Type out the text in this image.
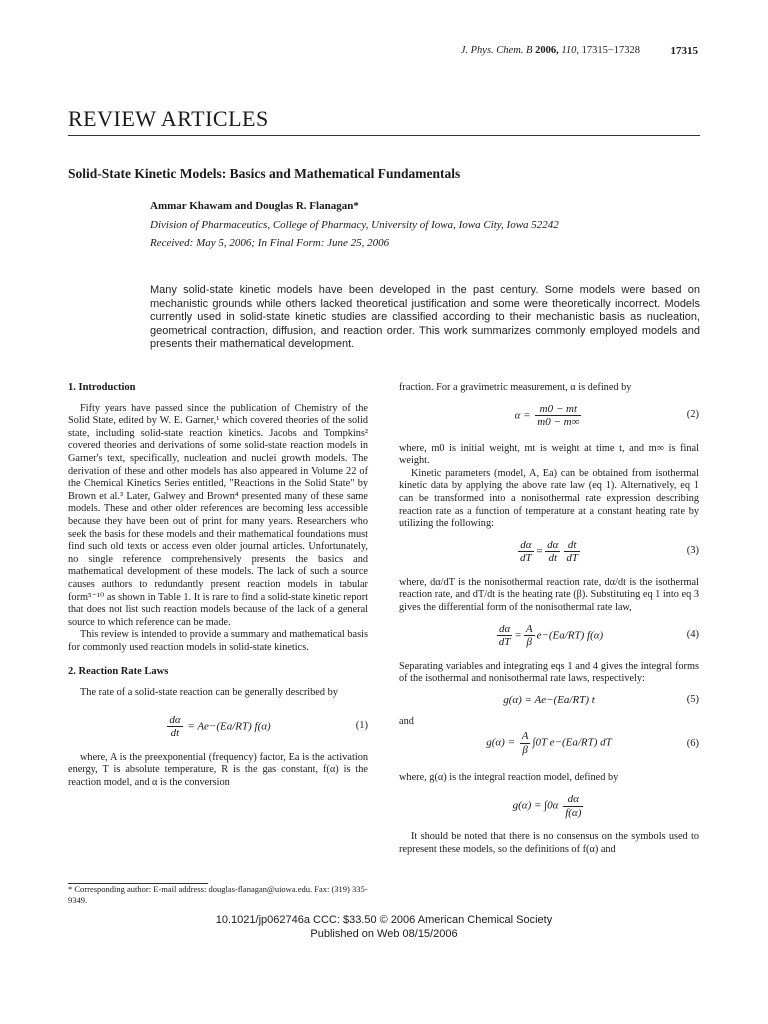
J. Phys. Chem. B 2006, 110, 17315−17328	17315
REVIEW ARTICLES
Solid-State Kinetic Models: Basics and Mathematical Fundamentals
Ammar Khawam and Douglas R. Flanagan*
Division of Pharmaceutics, College of Pharmacy, University of Iowa, Iowa City, Iowa 52242
Received: May 5, 2006; In Final Form: June 25, 2006
Many solid-state kinetic models have been developed in the past century. Some models were based on mechanistic grounds while others lacked theoretical justification and some were theoretically incorrect. Models currently used in solid-state kinetic studies are classified according to their mechanistic basis as nucleation, geometrical contraction, diffusion, and reaction order. This work summarizes commonly employed models and presents their mathematical development.

1. Introduction

Fifty years have passed since the publication of Chemistry of the Solid State, edited by W. E. Garner,¹ which covered theories of the solid state, including solid-state reaction kinetics. Jacobs and Tompkins² covered theories and derivations of some solid-state reaction models in Garner's text, specifically, nucleation and nuclei growth models. The derivation of these and other models has also appeared in Volume 22 of the Chemical Kinetics Series entitled, "Reactions in the Solid State" by Brown et al.³ Later, Galwey and Brown⁴ presented many of these same models. These and other older references are becoming less accessible because they have been out of print for many years. Researchers who seek the basis for these models and their mathematical foundations must find such old texts or access even older journal articles. Unfortunately, no single reference comprehensively presents the basics and mathematical development of these models. The lack of such a source causes authors to redundantly present reaction models in tabular form⁵⁻¹⁰ as shown in Table 1. It is rare to find a solid-state kinetic report that does not list such reaction models because of the lack of a general source to which reference can be made.

This review is intended to provide a summary and mathematical basis for commonly used reaction models in solid-state kinetics.

2. Reaction Rate Laws

The rate of a solid-state reaction can be generally described by

$\frac{d\alpha}{dt} = Ae-(Ea/RT)$ f(α)	(1)

where, A is the preexponential (frequency) factor, Ea is the activation energy, T is absolute temperature, R is the gas constant, f(α) is the reaction model, and α is the conversion

fraction. For a gravimetric measurement, α is defined by

$\alpha = \frac{m0 - mt}{m0 - m\infty}$	(2)

where, m0 is initial weight, mt is weight at time t, and m∞ is final weight.

Kinetic parameters (model, A, Ea) can be obtained from isothermal kinetic data by applying the above rate law (eq 1). Alternatively, eq 1 can be transformed into a nonisothermal rate expression describing reaction rate as a function of temperature at a constant heating rate by utilizing the following:

$\frac{d\alpha}{dT} = \frac{d\alpha}{dt} \frac{dt}{dT}$	(3)

where, dα/dT is the nonisothermal reaction rate, dα/dt is the isothermal reaction rate, and dT/dt is the heating rate (β). Substituting eq 1 into eq 3 gives the differential form of the nonisothermal rate law,

$\frac{d\alpha}{dT} = \frac{A}{\beta} e-(Ea/RT)$ f(α)	(4)

Separating variables and integrating eqs 1 and 4 gives the integral forms of the isothermal and nonisothermal rate laws, respectively:

g(α) = Ae−(Ea/RT) t	(5)

and

$g(\alpha) = \frac{A}{\beta} \int 0T$ e−(Ea/RT) dT	(6)

where, g(α) is the integral reaction model, defined by

$g(\alpha) = \int 0\alpha \frac{d\alpha}{f(\alpha)}$

It should be noted that there is no consensus on the symbols used to represent these models, so the definitions of f(α) and

* Corresponding author: E-mail address: douglas-flanagan@uiowa.edu. Fax: (319) 335-9349.
10.1021/jp062746a CCC: $33.50 © 2006 American Chemical Society
Published on Web 08/15/2006
